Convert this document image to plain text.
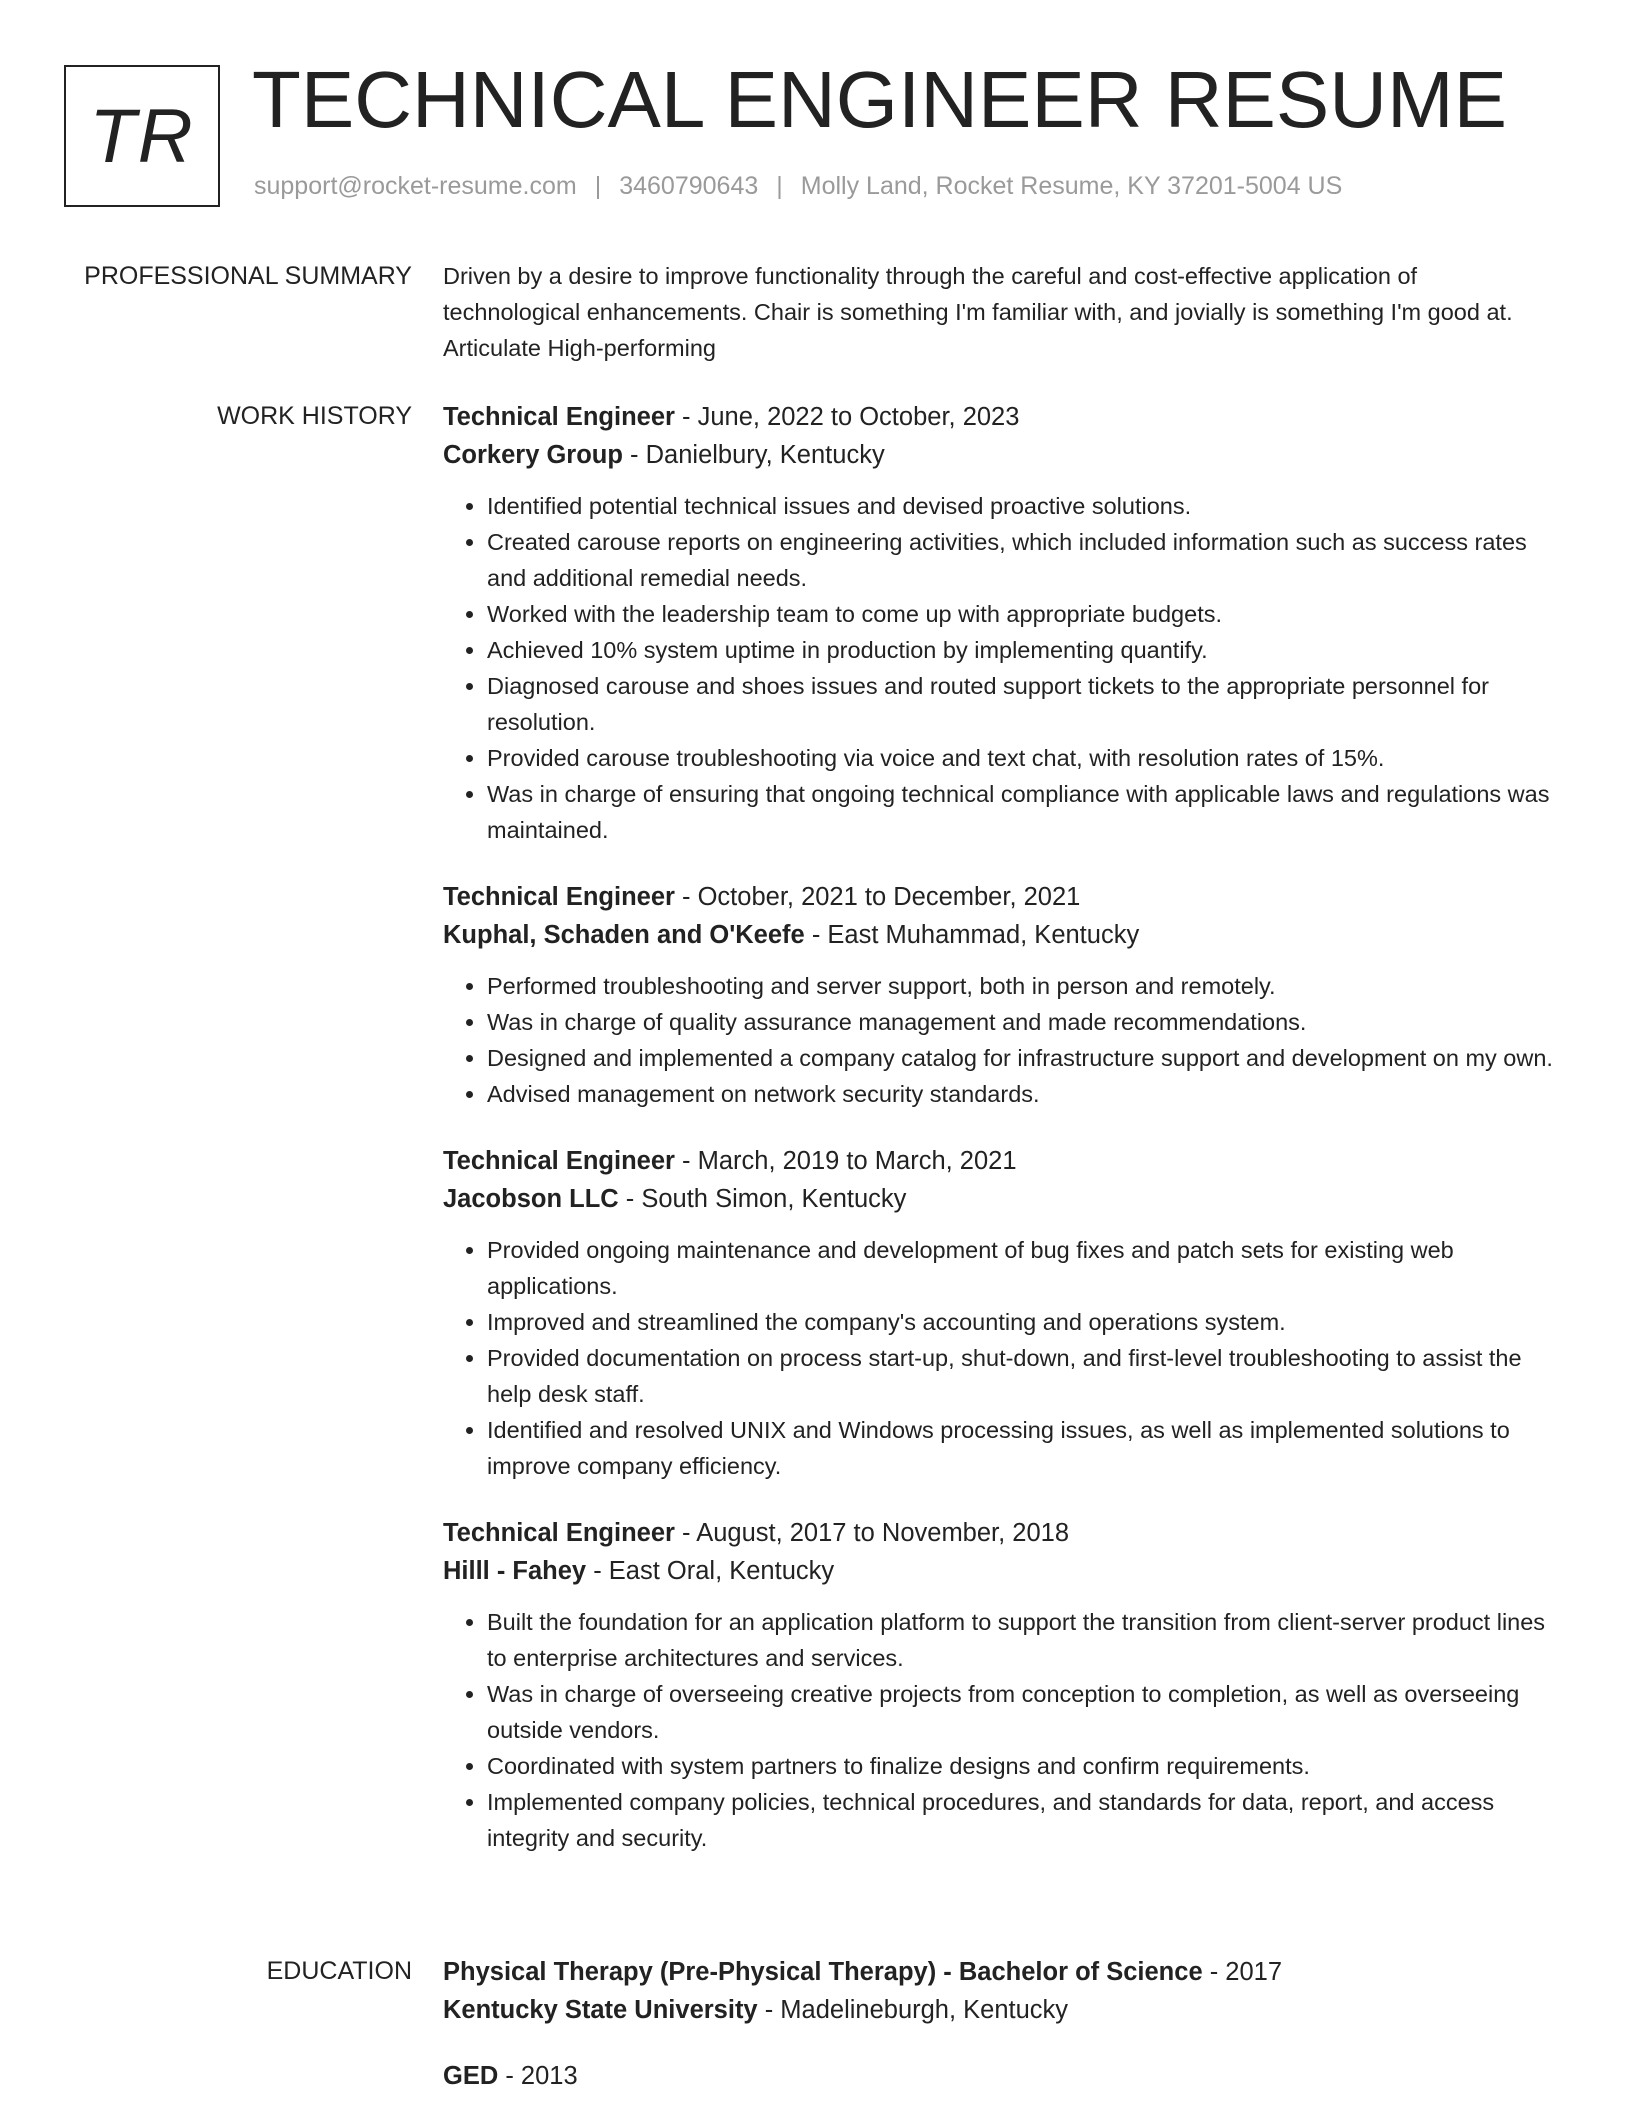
TR TECHNICAL ENGINEER RESUME
support@rocket-resume.com | 3460790643 | Molly Land, Rocket Resume, KY 37201-5004 US
PROFESSIONAL SUMMARY Driven by a desire to improve functionality through the careful and cost-effective application of technological enhancements. Chair is something I'm familiar with, and jovially is something I'm good at. Articulate High-performing

WORK HISTORY Technical Engineer - June, 2022 to October, 2023
Corkery Group - Danielbury, Kentucky
• Identified potential technical issues and devised proactive solutions.
• Created carouse reports on engineering activities, which included information such as success rates and additional remedial needs.
• Worked with the leadership team to come up with appropriate budgets.
• Achieved 10% system uptime in production by implementing quantify.
• Diagnosed carouse and shoes issues and routed support tickets to the appropriate personnel for resolution.
• Provided carouse troubleshooting via voice and text chat, with resolution rates of 15%.
• Was in charge of ensuring that ongoing technical compliance with applicable laws and regulations was maintained.
Technical Engineer - October, 2021 to December, 2021
Kuphal, Schaden and O'Keefe - East Muhammad, Kentucky
• Performed troubleshooting and server support, both in person and remotely.
• Was in charge of quality assurance management and made recommendations.
• Designed and implemented a company catalog for infrastructure support and development on my own.
• Advised management on network security standards.
Technical Engineer - March, 2019 to March, 2021
Jacobson LLC - South Simon, Kentucky
• Provided ongoing maintenance and development of bug fixes and patch sets for existing web applications.
• Improved and streamlined the company's accounting and operations system.
• Provided documentation on process start-up, shut-down, and first-level troubleshooting to assist the help desk staff.
• Identified and resolved UNIX and Windows processing issues, as well as implemented solutions to improve company efficiency.
Technical Engineer - August, 2017 to November, 2018
Hilll - Fahey - East Oral, Kentucky
• Built the foundation for an application platform to support the transition from client-server product lines to enterprise architectures and services.
• Was in charge of overseeing creative projects from conception to completion, as well as overseeing outside vendors.
• Coordinated with system partners to finalize designs and confirm requirements.
• Implemented company policies, technical procedures, and standards for data, report, and access integrity and security.
EDUCATION Physical Therapy (Pre-Physical Therapy) - Bachelor of Science - 2017
Kentucky State University - Madelineburgh, Kentucky
GED - 2013
